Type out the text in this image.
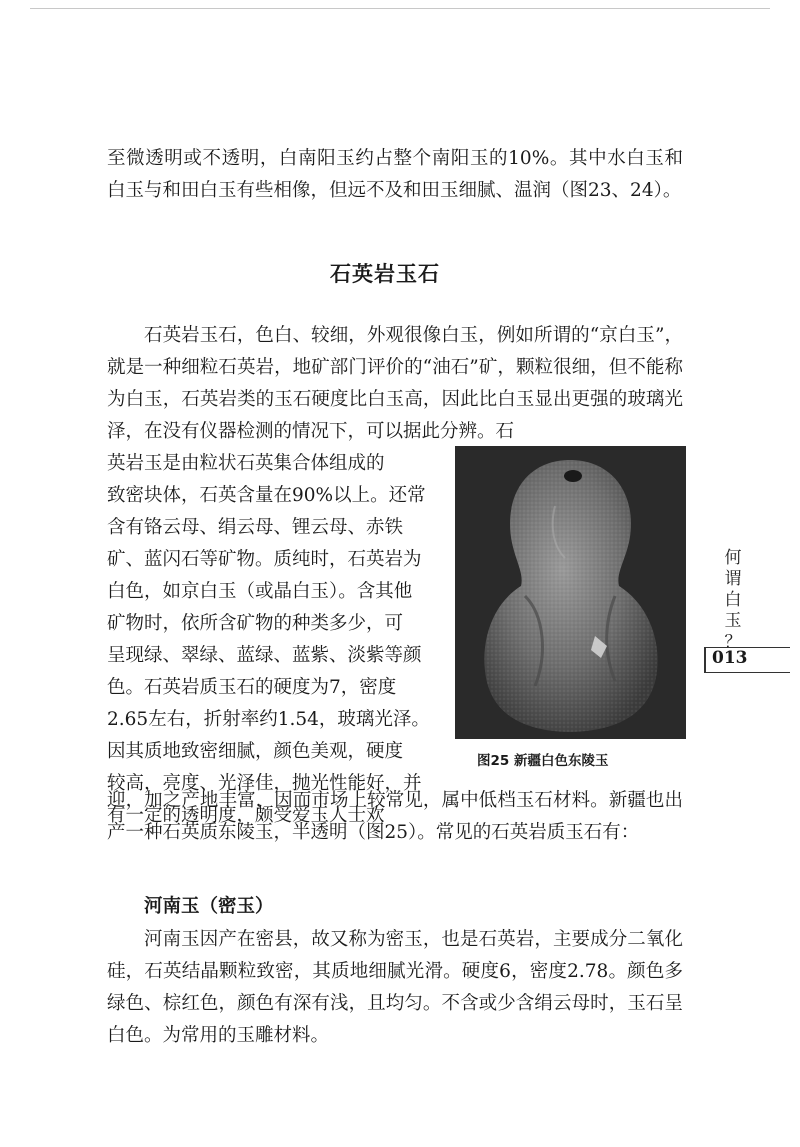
至微透明或不透明，白南阳玉约占整个南阳玉的10%。其中水白玉和白玉与和田白玉有些相像，但远不及和田玉细腻、温润（图23、24）。

石英岩玉石

石英岩玉石，色白、较细，外观很像白玉，例如所谓的“京白玉”，就是一种细粒石英岩，地矿部门评价的“油石”矿，颗粒很细，但不能称为白玉，石英岩类的玉石硬度比白玉高，因此比白玉显出更强的玻璃光泽，在没有仪器检测的情况下，可以据此分辨。石

英岩玉是由粒状石英集合体组成的
致密块体，石英含量在90%以上。还常
含有铬云母、绢云母、锂云母、赤铁
矿、蓝闪石等矿物。质纯时，石英岩为
白色，如京白玉（或晶白玉）。含其他
矿物时，依所含矿物的种类多少，可
呈现绿、翠绿、蓝绿、蓝紫、淡紫等颜
色。石英岩质玉石的硬度为7，密度
2.65左右，折射率约1.54，玻璃光泽。
因其质地致密细腻，颜色美观，硬度
较高，亮度、光泽佳，抛光性能好，并
有一定的透明度，颇受爱玉人士欢

图25 新疆白色东陵玉

何
谓
白
玉
？

013

迎，加之产地丰富，因而市场上较常见，属中低档玉石材料。新疆也出产一种石英质东陵玉，半透明（图25）。常见的石英岩质玉石有：

河南玉（密玉）

河南玉因产在密县，故又称为密玉，也是石英岩，主要成分二氧化硅，石英结晶颗粒致密，其质地细腻光滑。硬度6，密度2.78。颜色多绿色、棕红色，颜色有深有浅，且均匀。不含或少含绢云母时，玉石呈白色。为常用的玉雕材料。
